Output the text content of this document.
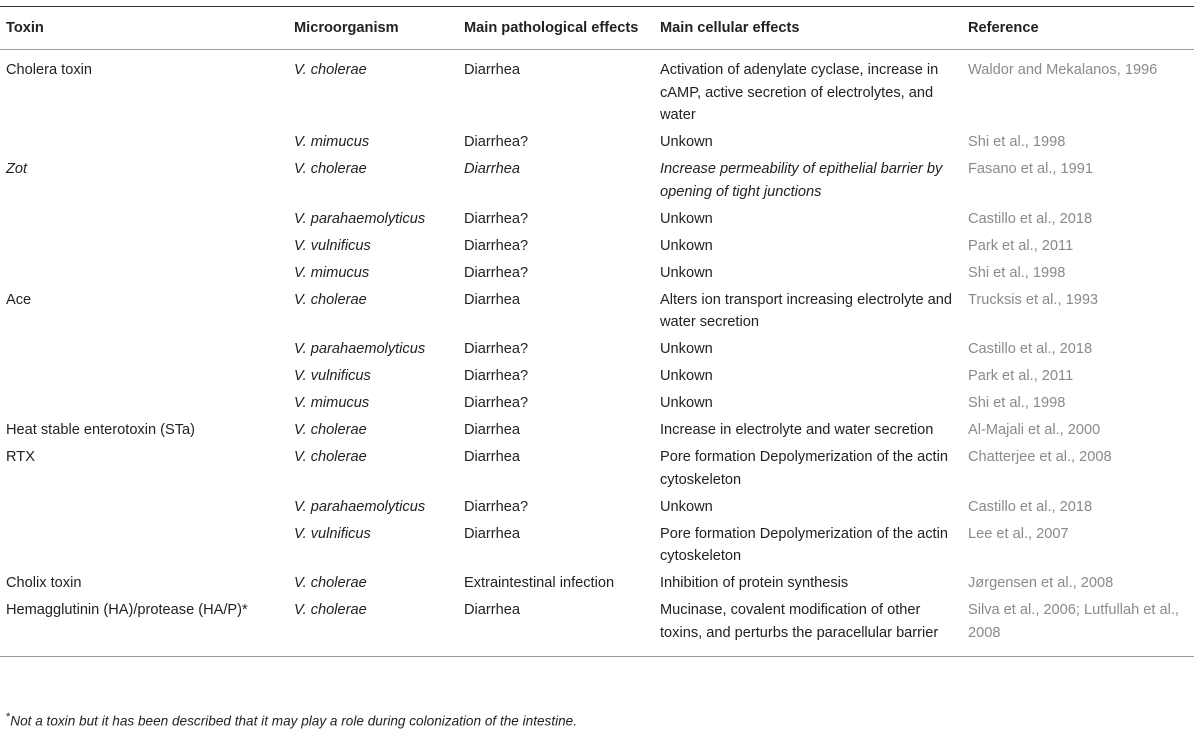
Toxin	Microorganism	Main pathological effects	Main cellular effects	Reference
Cholera toxin	V. cholerae	Diarrhea	Activation of adenylate cyclase, increase in cAMP, active secretion of electrolytes, and water	Waldor and Mekalanos, 1996
	V. mimucus	Diarrhea?	Unkown	Shi et al., 1998
Zot	V. cholerae	Diarrhea	Increase permeability of epithelial barrier by opening of tight junctions	Fasano et al., 1991
	V. parahaemolyticus	Diarrhea?	Unkown	Castillo et al., 2018
	V. vulnificus	Diarrhea?	Unkown	Park et al., 2011
	V. mimucus	Diarrhea?	Unkown	Shi et al., 1998
Ace	V. cholerae	Diarrhea	Alters ion transport increasing electrolyte and water secretion	Trucksis et al., 1993
	V. parahaemolyticus	Diarrhea?	Unkown	Castillo et al., 2018
	V. vulnificus	Diarrhea?	Unkown	Park et al., 2011
	V. mimucus	Diarrhea?	Unkown	Shi et al., 1998
Heat stable enterotoxin (STa)	V. cholerae	Diarrhea	Increase in electrolyte and water secretion	Al-Majali et al., 2000
RTX	V. cholerae	Diarrhea	Pore formation Depolymerization of the actin cytoskeleton	Chatterjee et al., 2008
	V. parahaemolyticus	Diarrhea?	Unkown	Castillo et al., 2018
	V. vulnificus	Diarrhea	Pore formation Depolymerization of the actin cytoskeleton	Lee et al., 2007
Cholix toxin	V. cholerae	Extraintestinal infection	Inhibition of protein synthesis	Jørgensen et al., 2008
Hemagglutinin (HA)/protease (HA/P)*	V. cholerae	Diarrhea	Mucinase, covalent modification of other toxins, and perturbs the paracellular barrier	Silva et al., 2006; Lutfullah et al., 2008
*Not a toxin but it has been described that it may play a role during colonization of the intestine.
